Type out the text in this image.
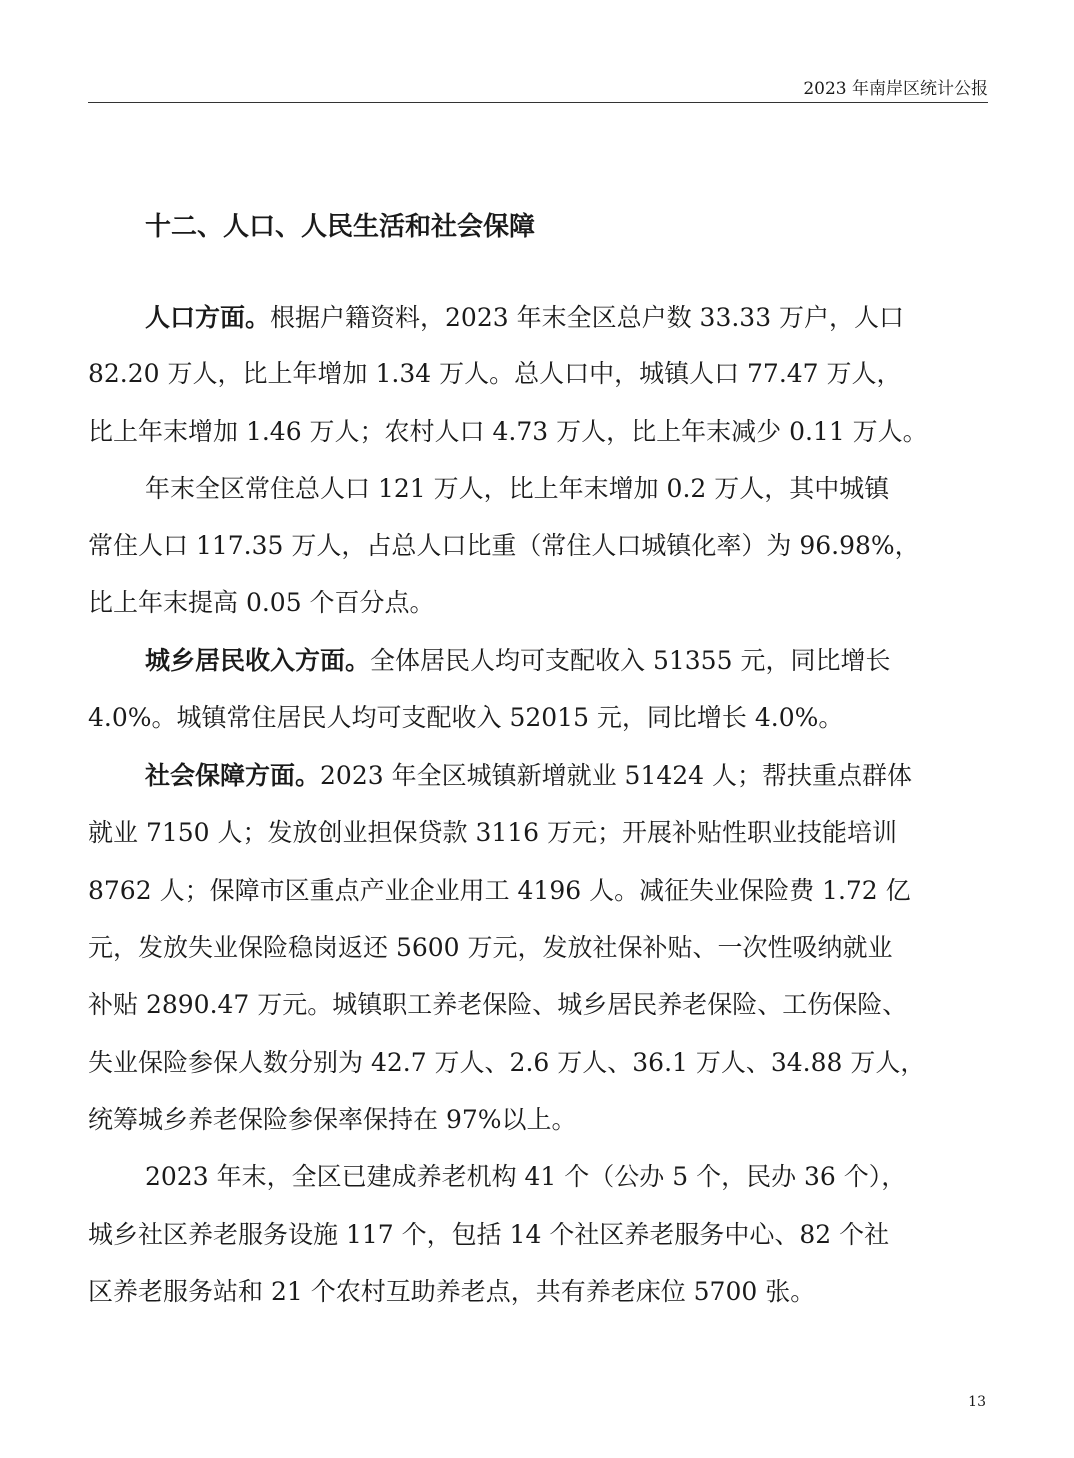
2023 年南岸区统计公报
十二、人口、人民生活和社会保障
人口方面。根据户籍资料，2023 年末全区总户数 33.33 万户，人口
82.20 万人，比上年增加 1.34 万人。总人口中，城镇人口 77.47 万人，
比上年末增加 1.46 万人；农村人口 4.73 万人，比上年末减少 0.11 万人。
年末全区常住总人口 121 万人，比上年末增加 0.2 万人，其中城镇
常住人口 117.35 万人，占总人口比重（常住人口城镇化率）为 96.98%，
比上年末提高 0.05 个百分点。
城乡居民收入方面。全体居民人均可支配收入 51355 元，同比增长
4.0%。城镇常住居民人均可支配收入 52015 元，同比增长 4.0%。
社会保障方面。2023 年全区城镇新增就业 51424 人；帮扶重点群体
就业 7150 人；发放创业担保贷款 3116 万元；开展补贴性职业技能培训
8762 人；保障市区重点产业企业用工 4196 人。减征失业保险费 1.72 亿
元，发放失业保险稳岗返还 5600 万元，发放社保补贴、一次性吸纳就业
补贴 2890.47 万元。城镇职工养老保险、城乡居民养老保险、工伤保险、
失业保险参保人数分别为 42.7 万人、2.6 万人、36.1 万人、34.88 万人，
统筹城乡养老保险参保率保持在 97%以上。
2023 年末，全区已建成养老机构 41 个（公办 5 个，民办 36 个），
城乡社区养老服务设施 117 个，包括 14 个社区养老服务中心、82 个社
区养老服务站和 21 个农村互助养老点，共有养老床位 5700 张。
13
